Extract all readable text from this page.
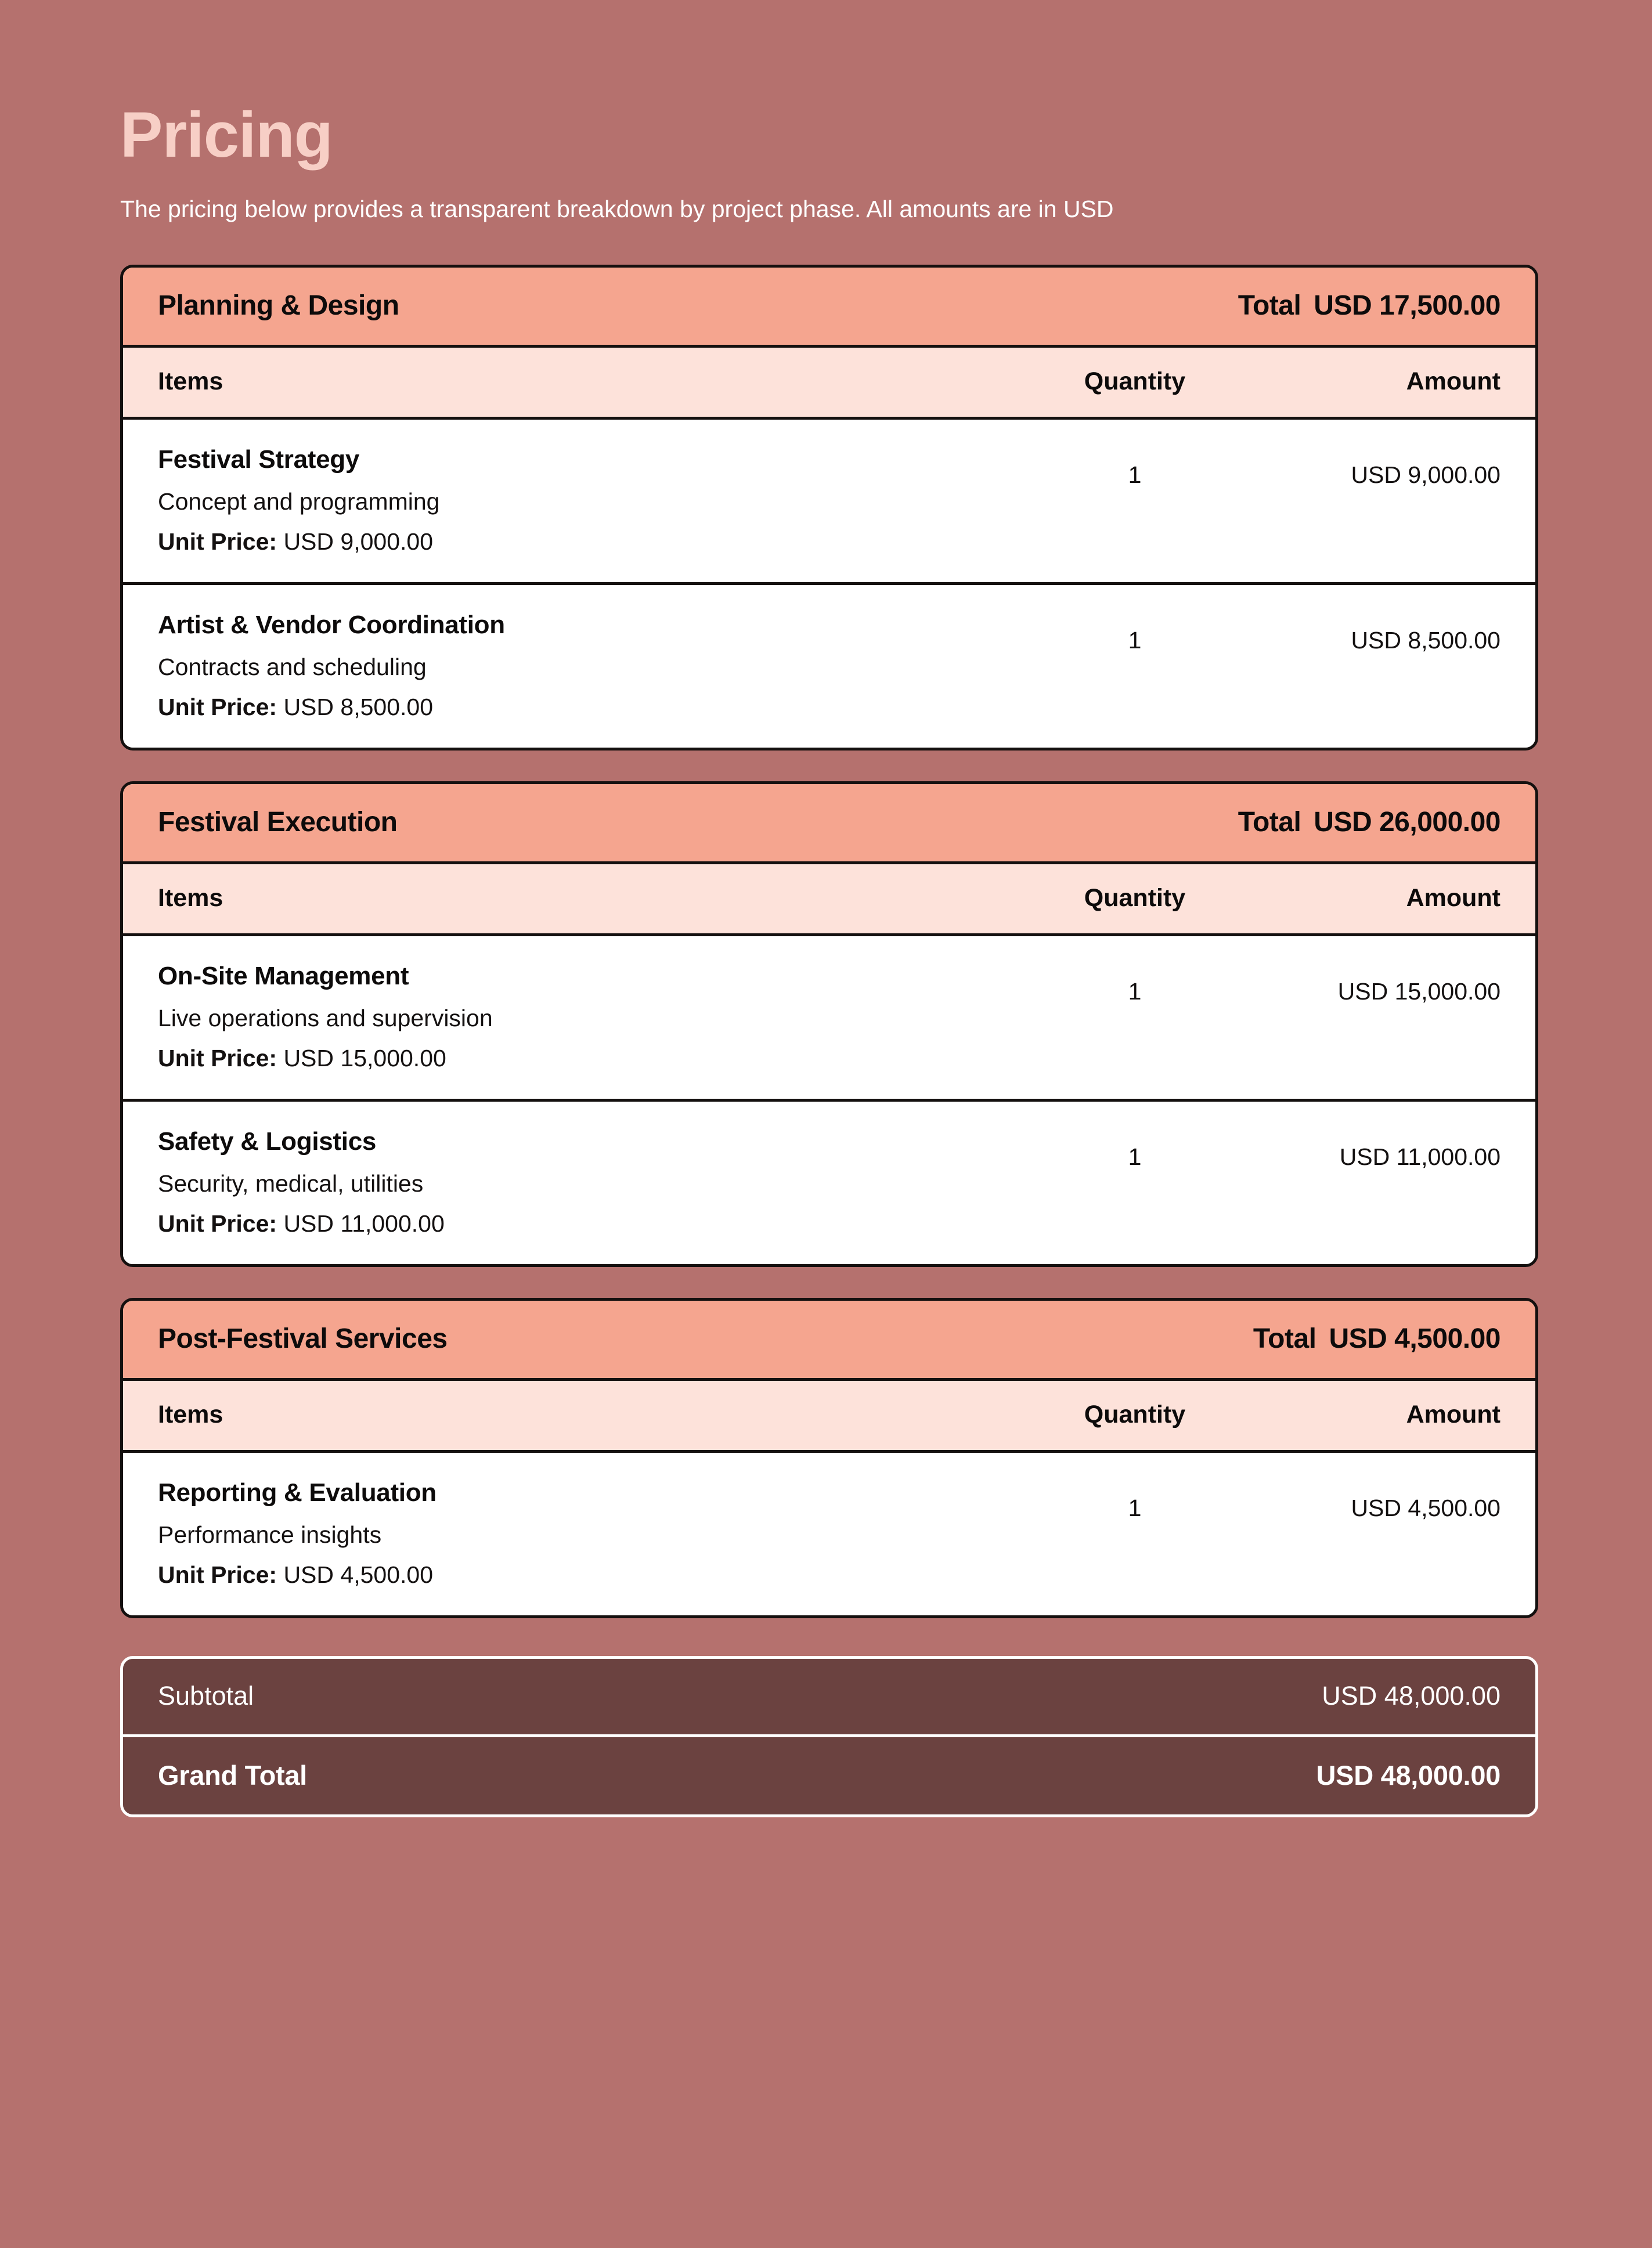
Pricing

The pricing below provides a transparent breakdown by project phase. All amounts are in USD

Planning & Design	Total USD 17,500.00
Items	Quantity	Amount
Festival Strategy
Concept and programming
Unit Price: USD 9,000.00
1	USD 9,000.00
Artist & Vendor Coordination
Contracts and scheduling
Unit Price: USD 8,500.00
1	USD 8,500.00
Festival Execution	Total USD 26,000.00
Items	Quantity	Amount
On-Site Management
Live operations and supervision
Unit Price: USD 15,000.00
1	USD 15,000.00
Safety & Logistics
Security, medical, utilities
Unit Price: USD 11,000.00
1	USD 11,000.00
Post-Festival Services	Total USD 4,500.00
Items	Quantity	Amount
Reporting & Evaluation
Performance insights
Unit Price: USD 4,500.00
1	USD 4,500.00
Subtotal	USD 48,000.00
Grand Total	USD 48,000.00
